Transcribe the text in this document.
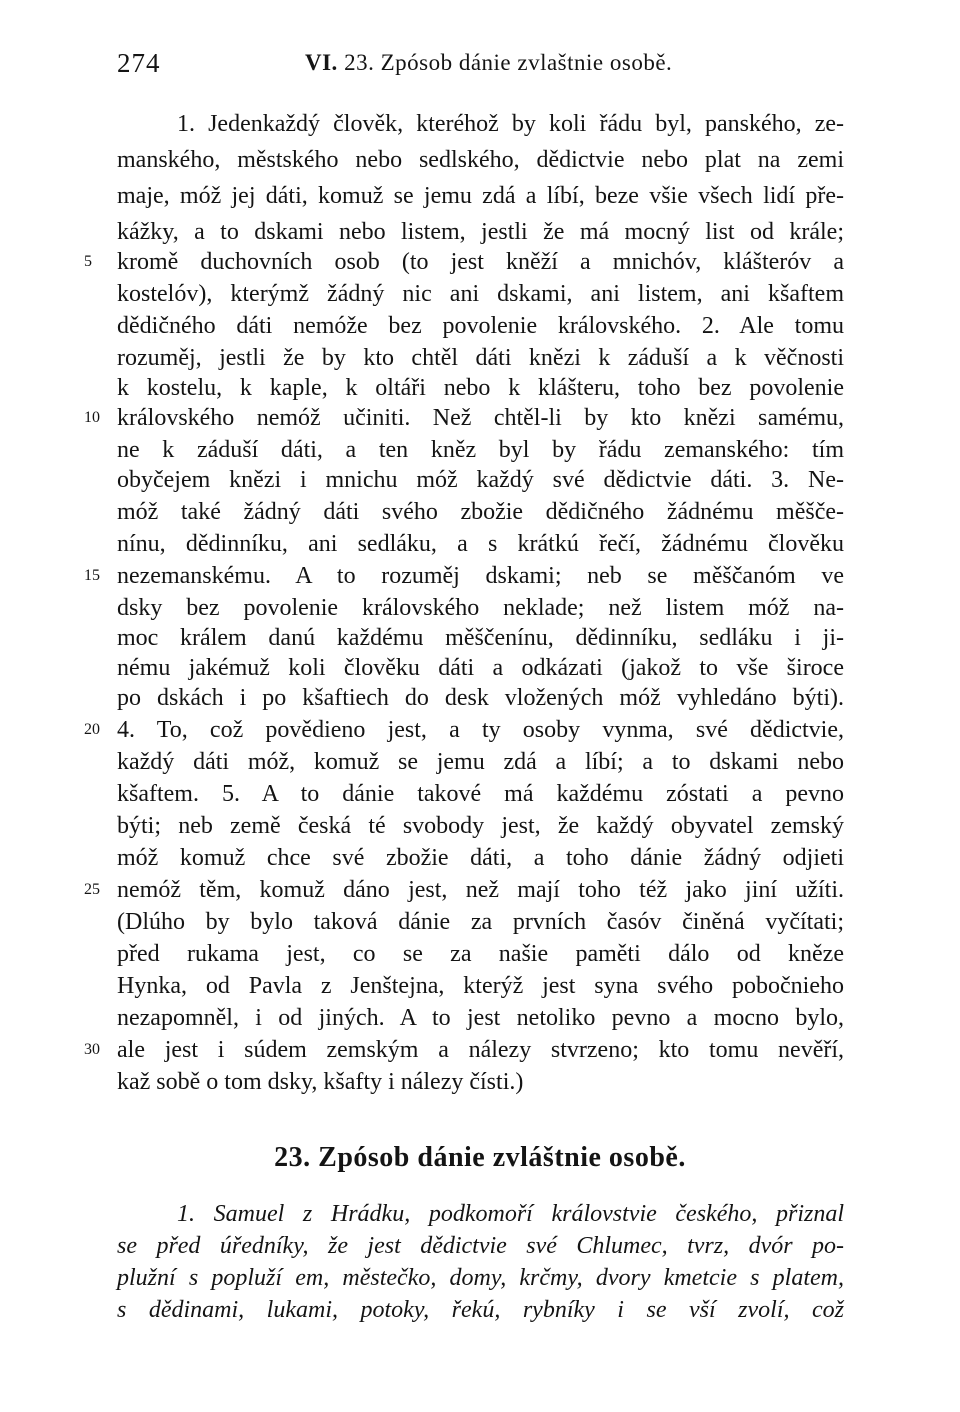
274	VI. 23. Zpósob dánie zvlaštnie osobě.
1. Jedenkaždý člověk, kteréhož by koli řádu byl, panského, ze-
manského, městského nebo sedlského, dědictvie nebo plat na zemi
maje, móž jej dáti, komuž se jemu zdá a líbí, beze všie všech lidí pře-
kážky, a to dskami nebo listem, jestli že má mocný list od krále;
kromě duchovních osob (to jest kněží a mnichóv, klášteróv a
kostelóv), kterýmž žádný nic ani dskami, ani listem, ani kšaftem
dědičného dáti nemóže bez povolenie královského. 2. Ale tomu
rozuměj, jestli že by kto chtěl dáti knězi k záduší a k věčnosti
k kostelu, k kaple, k oltáři nebo k klášteru, toho bez povolenie
královského nemóž učiniti. Než chtěl-li by kto knězi samému,
ne k záduší dáti, a ten kněz byl by řádu zemanského: tím
obyčejem knězi i mnichu móž každý své dědictvie dáti. 3. Ne-
móž také žádný dáti svého zbožie dědičného žádnému měšče-
nínu, dědinníku, ani sedláku, a s krátkú řečí, žádnému člověku
nezemanskému. A to rozuměj dskami; neb se měščanóm ve
dsky bez povolenie královského neklade; než listem móž na-
moc králem danú každému měščenínu, dědinníku, sedláku i ji-
nému jakémuž koli člověku dáti a odkázati (jakož to vše široce
po dskách i po kšaftiech do desk vložených móž vyhledáno býti).
4. To, což povědieno jest, a ty osoby vynma, své dědictvie,
každý dáti móž, komuž se jemu zdá a líbí; a to dskami nebo
kšaftem. 5. A to dánie takové má každému zóstati a pevno
býti; neb země česká té svobody jest, že každý obyvatel zemský
móž komuž chce své zbožie dáti, a toho dánie žádný odjieti
nemóž těm, komuž dáno jest, než mají toho též jako jiní užíti.
(Dlúho by bylo taková dánie za prvních časóv činěná vyčítati;
před rukama jest, co se za našie paměti dálo od kněze
Hynka, od Pavla z Jenštejna, kterýž jest syna svého pobočnieho
nezapomněl, i od jiných. A to jest netoliko pevno a mocno bylo,
ale jest i súdem zemským a nálezy stvrzeno; kto tomu nevěří,
kaž sobě o tom dsky, kšafty i nálezy čísti.)
5
10
15
20
25
30
23. Zpósob dánie zvláštnie osobě.
1. Samuel z Hrádku, podkomoří královstvie českého, přiznal
se před úředníky, že jest dědictvie své Chlumec, tvrz, dvór po-
plužní s popluží em, městečko, domy, krčmy, dvory kmetcie s platem,
s dědinami, lukami, potoky, řekú, rybníky i se vší zvolí, což
